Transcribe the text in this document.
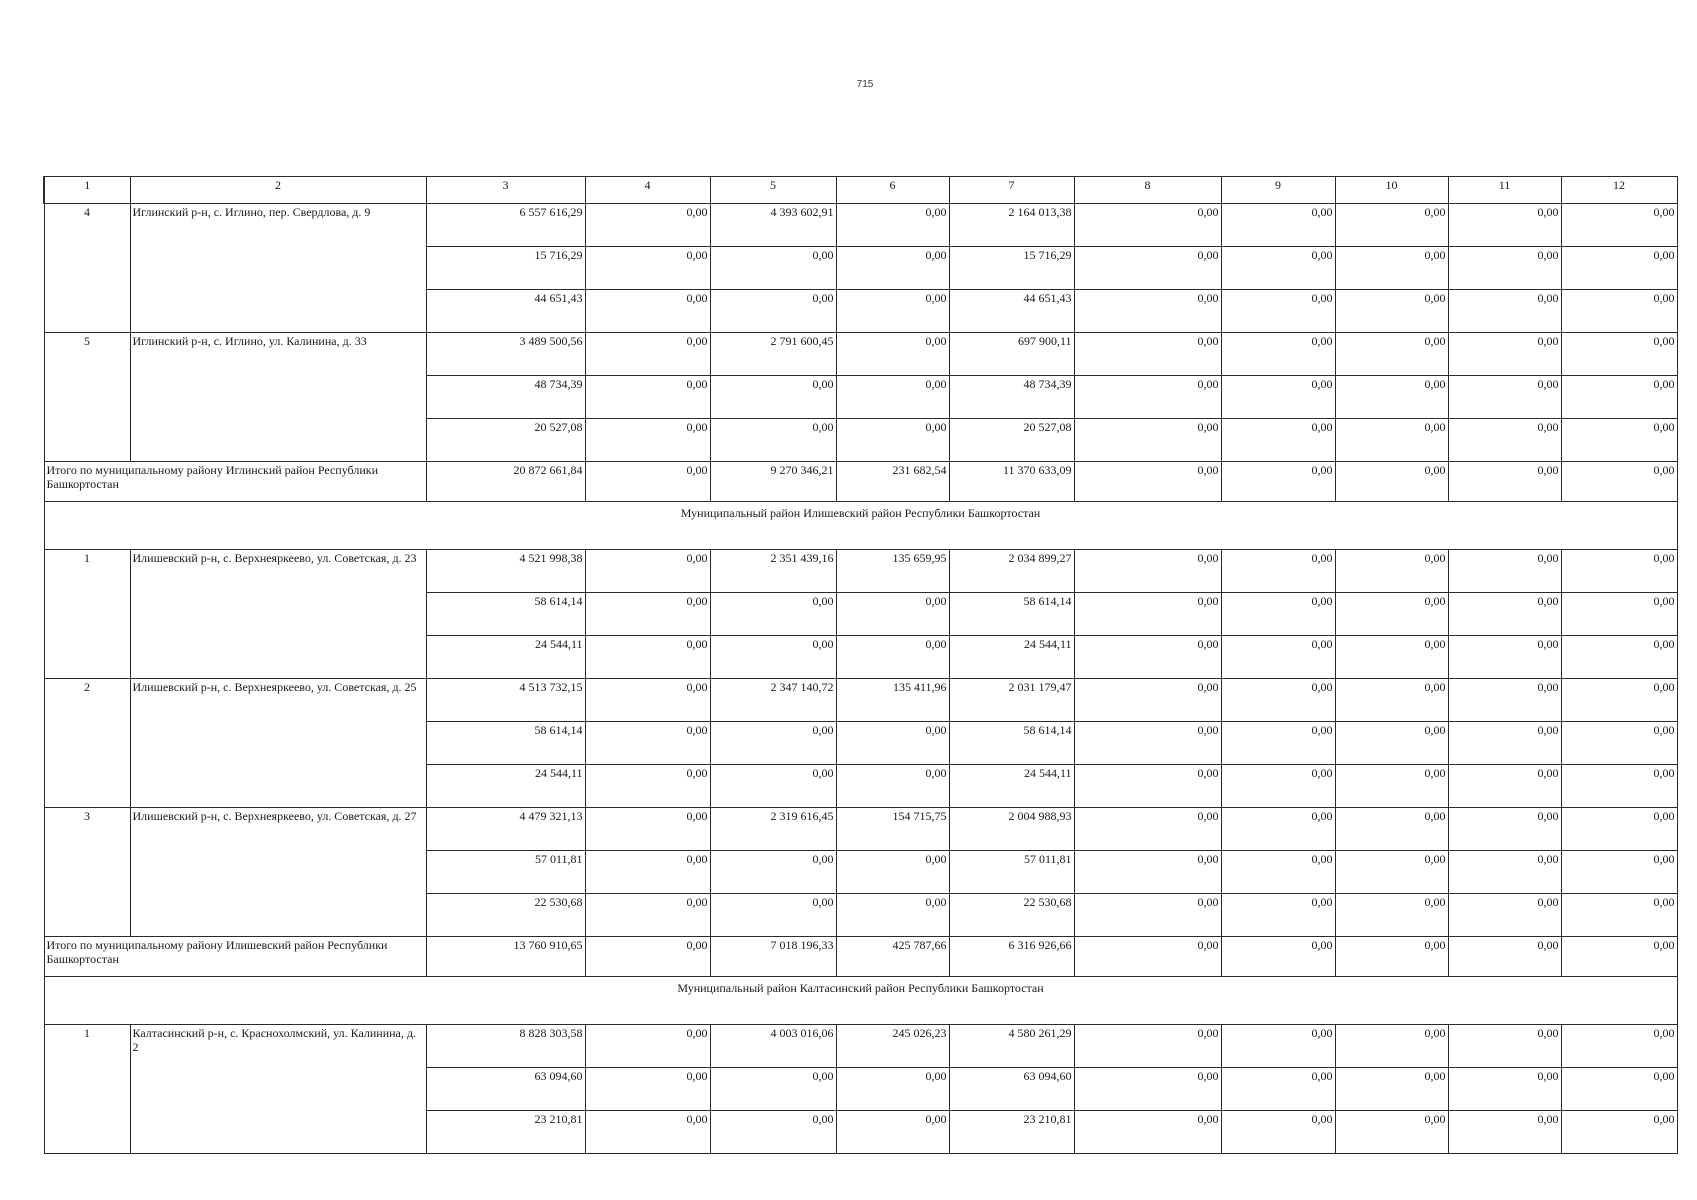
715
1	2	3	4	5	6	7	8	9	10	11	12
4	Иглинский р-н, с. Иглино, пер. Свердлова, д. 9	6 557 616,29	0,00	4 393 602,91	0,00	2 164 013,38	0,00	0,00	0,00	0,00	0,00
		15 716,29	0,00	0,00	0,00	15 716,29	0,00	0,00	0,00	0,00	0,00
		44 651,43	0,00	0,00	0,00	44 651,43	0,00	0,00	0,00	0,00	0,00
5	Иглинский р-н, с. Иглино, ул. Калинина, д. 33	3 489 500,56	0,00	2 791 600,45	0,00	697 900,11	0,00	0,00	0,00	0,00	0,00
		48 734,39	0,00	0,00	0,00	48 734,39	0,00	0,00	0,00	0,00	0,00
		20 527,08	0,00	0,00	0,00	20 527,08	0,00	0,00	0,00	0,00	0,00
Итого по муниципальному району Иглинский район Республики Башкортостан		20 872 661,84	0,00	9 270 346,21	231 682,54	11 370 633,09	0,00	0,00	0,00	0,00	0,00
Муниципальный район Илишевский район Республики Башкортостан											
1	Илишевский р-н, с. Верхнеяркеево, ул. Советская, д. 23	4 521 998,38	0,00	2 351 439,16	135 659,95	2 034 899,27	0,00	0,00	0,00	0,00	0,00
		58 614,14	0,00	0,00	0,00	58 614,14	0,00	0,00	0,00	0,00	0,00
		24 544,11	0,00	0,00	0,00	24 544,11	0,00	0,00	0,00	0,00	0,00
2	Илишевский р-н, с. Верхнеяркеево, ул. Советская, д. 25	4 513 732,15	0,00	2 347 140,72	135 411,96	2 031 179,47	0,00	0,00	0,00	0,00	0,00
		58 614,14	0,00	0,00	0,00	58 614,14	0,00	0,00	0,00	0,00	0,00
		24 544,11	0,00	0,00	0,00	24 544,11	0,00	0,00	0,00	0,00	0,00
3	Илишевский р-н, с. Верхнеяркеево, ул. Советская, д. 27	4 479 321,13	0,00	2 319 616,45	154 715,75	2 004 988,93	0,00	0,00	0,00	0,00	0,00
		57 011,81	0,00	0,00	0,00	57 011,81	0,00	0,00	0,00	0,00	0,00
		22 530,68	0,00	0,00	0,00	22 530,68	0,00	0,00	0,00	0,00	0,00
Итого по муниципальному району Илишевский район Республики Башкортостан		13 760 910,65	0,00	7 018 196,33	425 787,66	6 316 926,66	0,00	0,00	0,00	0,00	0,00
Муниципальный район Калтасинский район Республики Башкортостан											
1	Калтасинский р-н, с. Краснохолмский, ул. Калинина, д. 2	8 828 303,58	0,00	4 003 016,06	245 026,23	4 580 261,29	0,00	0,00	0,00	0,00	0,00
		63 094,60	0,00	0,00	0,00	63 094,60	0,00	0,00	0,00	0,00	0,00
		23 210,81	0,00	0,00	0,00	23 210,81	0,00	0,00	0,00	0,00	0,00
